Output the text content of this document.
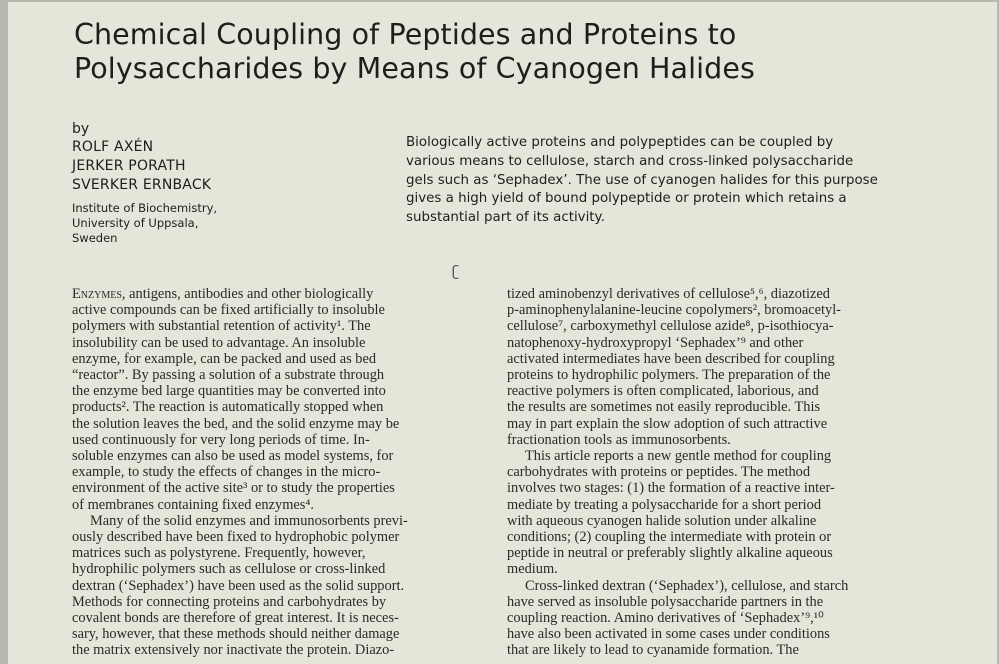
Chemical Coupling of Peptides and Proteins to
Polysaccharides by Means of Cyanogen Halides
by
ROLF AXÉN
JERKER PORATH
SVERKER ERNBACK
Institute of Biochemistry,
University of Uppsala,
Sweden
Biologically active proteins and polypeptides can be coupled by
various means to cellulose, starch and cross-linked polysaccharide
gels such as ‘Sephadex’. The use of cyanogen halides for this purpose
gives a high yield of bound polypeptide or protein which retains a
substantial part of its activity.
ʗ
Enzymes, antigens, antibodies and other biologically
active compounds can be fixed artificially to insoluble
polymers with substantial retention of activity¹. The
insolubility can be used to advantage. An insoluble
enzyme, for example, can be packed and used as bed
“reactor”. By passing a solution of a substrate through
the enzyme bed large quantities may be converted into
products². The reaction is automatically stopped when
the solution leaves the bed, and the solid enzyme may be
used continuously for very long periods of time. In-
soluble enzymes can also be used as model systems, for
example, to study the effects of changes in the micro-
environment of the active site³ or to study the properties
of membranes containing fixed enzymes⁴.
Many of the solid enzymes and immunosorbents previ-
ously described have been fixed to hydrophobic polymer
matrices such as polystyrene. Frequently, however,
hydrophilic polymers such as cellulose or cross-linked
dextran (‘Sephadex’) have been used as the solid support.
Methods for connecting proteins and carbohydrates by
covalent bonds are therefore of great interest. It is neces-
sary, however, that these methods should neither damage
the matrix extensively nor inactivate the protein. Diazo-
tized aminobenzyl derivatives of cellulose⁵,⁶, diazotized
p-aminophenylalanine-leucine copolymers², bromoacetyl-
cellulose⁷, carboxymethyl cellulose azide⁸, p-isothiocya-
natophenoxy-hydroxypropyl ‘Sephadex’⁹ and other
activated intermediates have been described for coupling
proteins to hydrophilic polymers. The preparation of the
reactive polymers is often complicated, laborious, and
the results are sometimes not easily reproducible. This
may in part explain the slow adoption of such attractive
fractionation tools as immunosorbents.
This article reports a new gentle method for coupling
carbohydrates with proteins or peptides. The method
involves two stages: (1) the formation of a reactive inter-
mediate by treating a polysaccharide for a short period
with aqueous cyanogen halide solution under alkaline
conditions; (2) coupling the intermediate with protein or
peptide in neutral or preferably slightly alkaline aqueous
medium.
Cross-linked dextran (‘Sephadex’), cellulose, and starch
have served as insoluble polysaccharide partners in the
coupling reaction. Amino derivatives of ‘Sephadex’⁹,¹⁰
have also been activated in some cases under conditions
that are likely to lead to cyanamide formation. The
